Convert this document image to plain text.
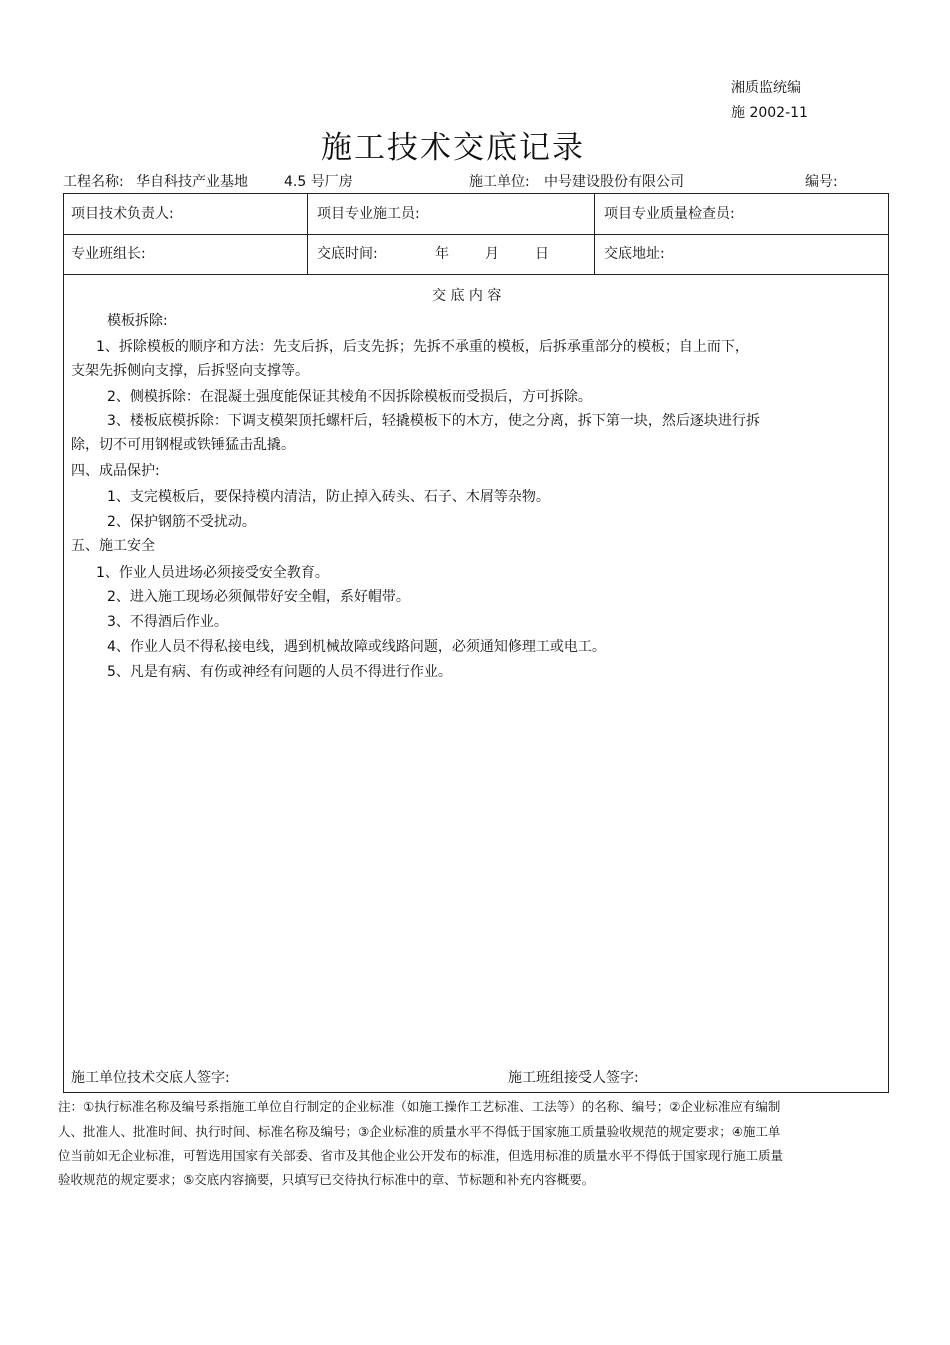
湘质监统编
施 2002-11
施工技术交底记录
工程名称: 华自科技产业基地	4.5 号厂房	施工单位: 中号建设股份有限公司	编号:
项目技术负责人:	项目专业施工员:	项目专业质量检查员:
专业班组长:	交底时间:	年	月	日	交底地址:
交 底 内 容
模板拆除:
1、拆除模板的顺序和方法：先支后拆，后支先拆；先拆不承重的模板，后拆承重部分的模板；自上而下，
支架先拆侧向支撑，后拆竖向支撑等。
2、侧模拆除：在混凝土强度能保证其棱角不因拆除模板而受损后，方可拆除。
3、楼板底模拆除：下调支模架顶托螺杆后，轻撬模板下的木方，使之分离，拆下第一块，然后逐块进行拆
除，切不可用钢棍或铁锤猛击乱撬。
四、成品保护:
1、支完模板后，要保持模内清洁，防止掉入砖头、石子、木屑等杂物。
2、保护钢筋不受扰动。
五、施工安全
1、作业人员进场必须接受安全教育。
2、进入施工现场必须佩带好安全帽，系好帽带。
3、不得酒后作业。
4、作业人员不得私接电线，遇到机械故障或线路问题，必须通知修理工或电工。
5、凡是有病、有伤或神经有问题的人员不得进行作业。
施工单位技术交底人签字:	施工班组接受人签字:
注：①执行标准名称及编号系指施工单位自行制定的企业标准（如施工操作工艺标准、工法等）的名称、编号；②企业标准应有编制
人、批准人、批准时间、执行时间、标准名称及编号；③企业标准的质量水平不得低于国家施工质量验收规范的规定要求；④施工单
位当前如无企业标准，可暂选用国家有关部委、省市及其他企业公开发布的标准，但选用标准的质量水平不得低于国家现行施工质量
验收规范的规定要求；⑤交底内容摘要，只填写已交待执行标准中的章、节标题和补充内容概要。
